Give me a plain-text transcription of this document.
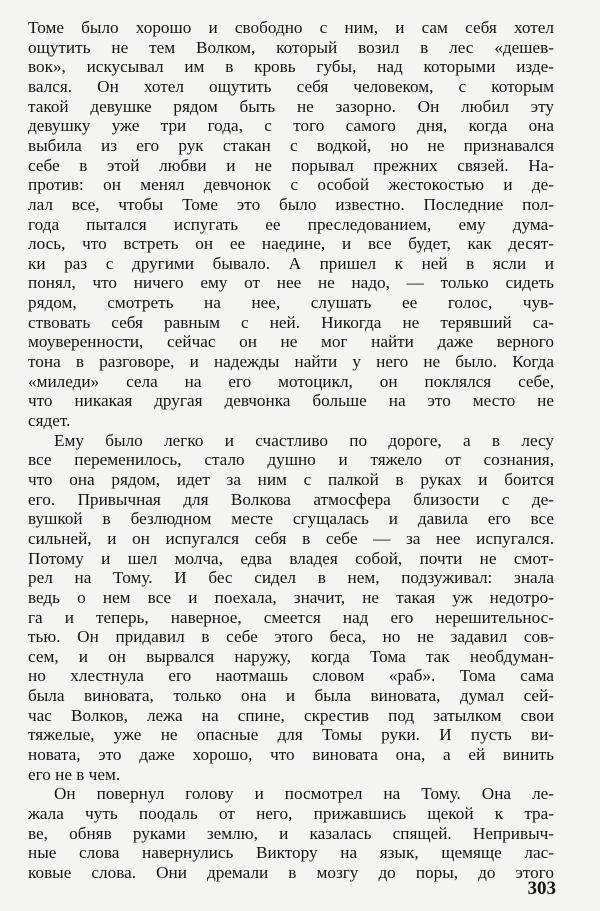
Томе было хорошо и свободно с ним, и сам себя хотел
ощутить не тем Волком, который возил в лес «дешев-
вок», искусывал им в кровь губы, над которыми изде-
вался. Он хотел ощутить себя человеком, с которым
такой девушке рядом быть не зазорно. Он любил эту
девушку уже три года, с того самого дня, когда она
выбила из его рук стакан с водкой, но не признавался
себе в этой любви и не порывал прежних связей. На-
против: он менял девчонок с особой жестокостью и де-
лал все, чтобы Томе это было известно. Последние пол-
года пытался испугать ее преследованием, ему дума-
лось, что встреть он ее наедине, и все будет, как десят-
ки раз с другими бывало. А пришел к ней в ясли и
понял, что ничего ему от нее не надо, — только сидеть
рядом, смотреть на нее, слушать ее голос, чув-
ствовать себя равным с ней. Никогда не терявший са-
моуверенности, сейчас он не мог найти даже верного
тона в разговоре, и надежды найти у него не было. Когда
«миледи» села на его мотоцикл, он поклялся себе,
что никакая другая девчонка больше на это место не
сядет.
Ему было легко и счастливо по дороге, а в лесу
все переменилось, стало душно и тяжело от сознания,
что она рядом, идет за ним с палкой в руках и боится
его. Привычная для Волкова атмосфера близости с де-
вушкой в безлюдном месте сгущалась и давила его все
сильней, и он испугался себя в себе — за нее испугался.
Потому и шел молча, едва владея собой, почти не смот-
рел на Тому. И бес сидел в нем, подзуживал: знала
ведь о нем все и поехала, значит, не такая уж недотро-
га и теперь, наверное, смеется над его нерешительнос-
тью. Он придавил в себе этого беса, но не задавил сов-
сем, и он вырвался наружу, когда Тома так необдуман-
но хлестнула его наотмашь словом «раб». Тома сама
была виновата, только она и была виновата, думал сей-
час Волков, лежа на спине, скрестив под затылком свои
тяжелые, уже не опасные для Томы руки. И пусть ви-
новата, это даже хорошо, что виновата она, а ей винить
его не в чем.
Он повернул голову и посмотрел на Тому. Она ле-
жала чуть поодаль от него, прижавшись щекой к тра-
ве, обняв руками землю, и казалась спящей. Непривыч-
ные слова навернулись Виктору на язык, щемяще лас-
ковые слова. Они дремали в мозгу до поры, до этого
303
